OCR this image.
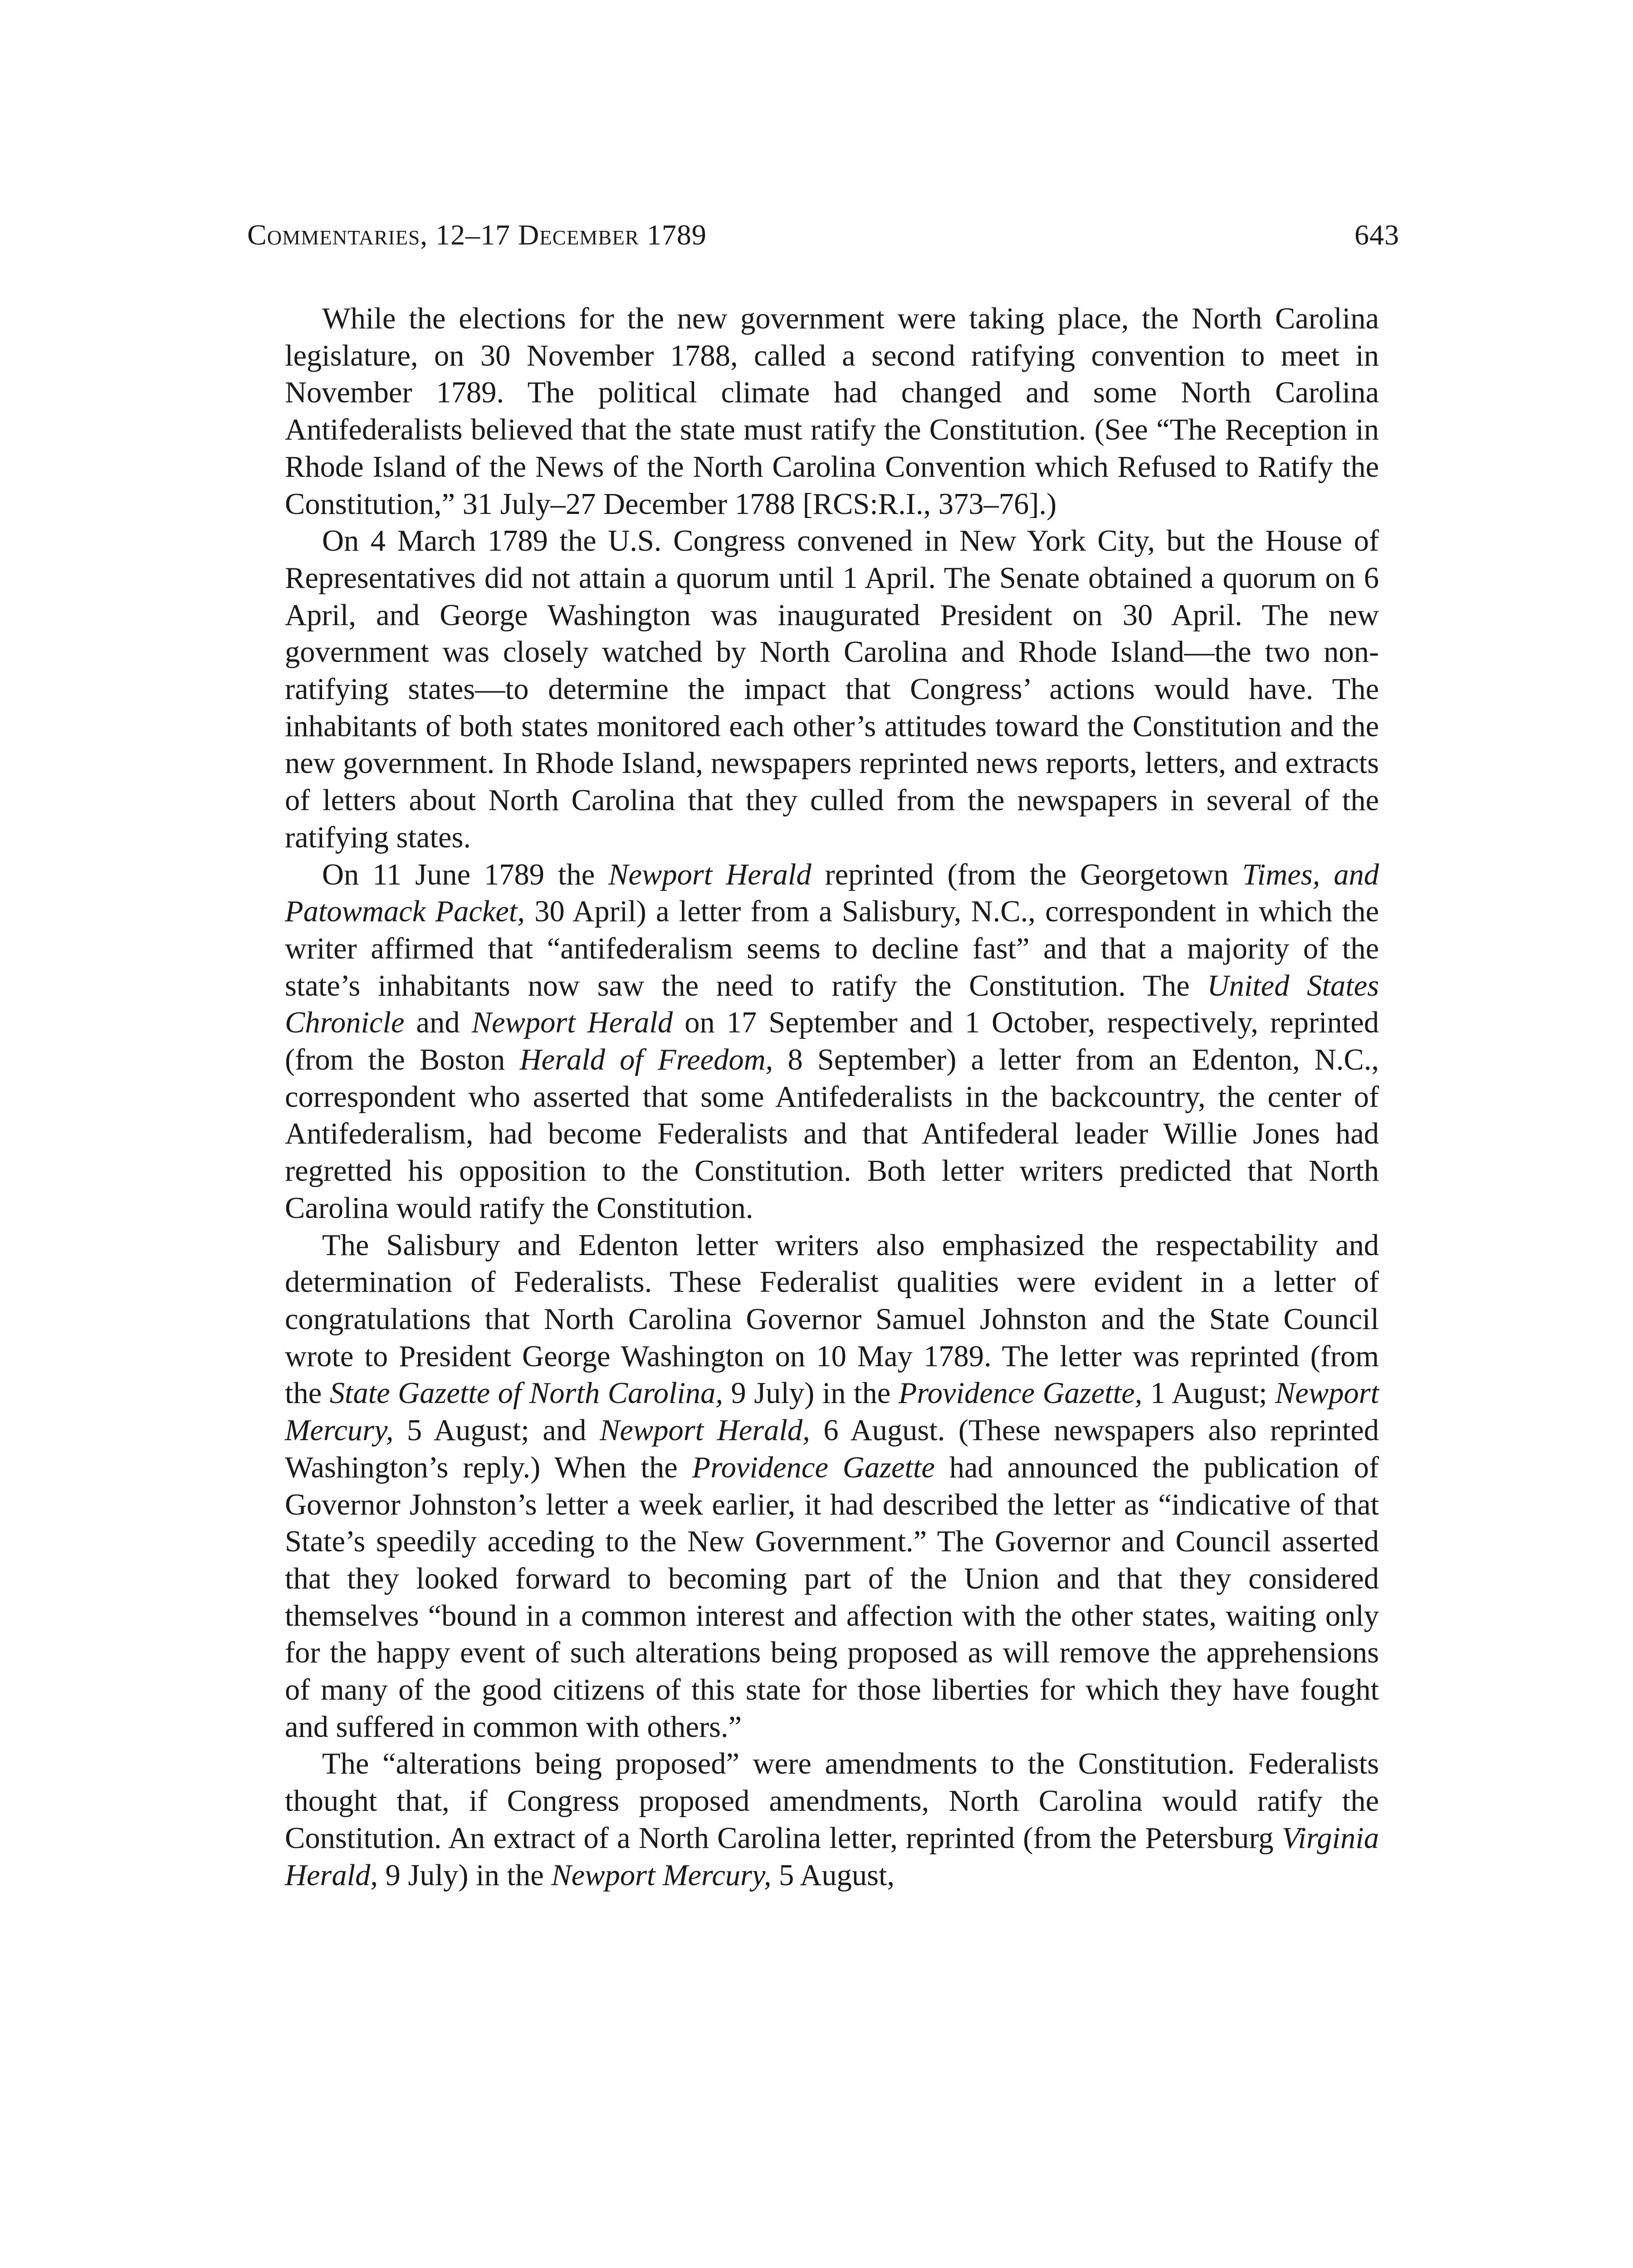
Commentaries, 12–17 December 1789	643

While the elections for the new government were taking place, the North Carolina legislature, on 30 November 1788, called a second ratifying convention to meet in November 1789. The political climate had changed and some North Carolina Antifederalists believed that the state must ratify the Constitution. (See “The Reception in Rhode Island of the News of the North Carolina Convention which Refused to Ratify the Constitution,” 31 July–27 December 1788 [RCS:R.I., 373–76].)

On 4 March 1789 the U.S. Congress convened in New York City, but the House of Representatives did not attain a quorum until 1 April. The Senate obtained a quorum on 6 April, and George Washington was inaugurated President on 30 April. The new government was closely watched by North Carolina and Rhode Island—the two non-ratifying states—to determine the impact that Congress’ actions would have. The inhabitants of both states monitored each other’s attitudes toward the Constitution and the new government. In Rhode Island, newspapers reprinted news reports, letters, and extracts of letters about North Carolina that they culled from the newspapers in several of the ratifying states.

On 11 June 1789 the Newport Herald reprinted (from the Georgetown Times, and Patowmack Packet, 30 April) a letter from a Salisbury, N.C., correspondent in which the writer affirmed that “antifederalism seems to decline fast” and that a majority of the state’s inhabitants now saw the need to ratify the Constitution. The United States Chronicle and Newport Herald on 17 September and 1 October, respectively, reprinted (from the Boston Herald of Freedom, 8 September) a letter from an Edenton, N.C., correspondent who asserted that some Antifederalists in the backcountry, the center of Antifederalism, had become Federalists and that Antifederal leader Willie Jones had regretted his opposition to the Constitution. Both letter writers predicted that North Carolina would ratify the Constitution.

The Salisbury and Edenton letter writers also emphasized the respectability and determination of Federalists. These Federalist qualities were evident in a letter of congratulations that North Carolina Governor Samuel Johnston and the State Council wrote to President George Washington on 10 May 1789. The letter was reprinted (from the State Gazette of North Carolina, 9 July) in the Providence Gazette, 1 August; Newport Mercury, 5 August; and Newport Herald, 6 August. (These newspapers also reprinted Washington’s reply.) When the Providence Gazette had announced the publication of Governor Johnston’s letter a week earlier, it had described the letter as “indicative of that State’s speedily acceding to the New Government.” The Governor and Council asserted that they looked forward to becoming part of the Union and that they considered themselves “bound in a common interest and affection with the other states, waiting only for the happy event of such alterations being proposed as will remove the apprehensions of many of the good citizens of this state for those liberties for which they have fought and suffered in common with others.”

The “alterations being proposed” were amendments to the Constitution. Federalists thought that, if Congress proposed amendments, North Carolina would ratify the Constitution. An extract of a North Carolina letter, reprinted (from the Petersburg Virginia Herald, 9 July) in the Newport Mercury, 5 August,
